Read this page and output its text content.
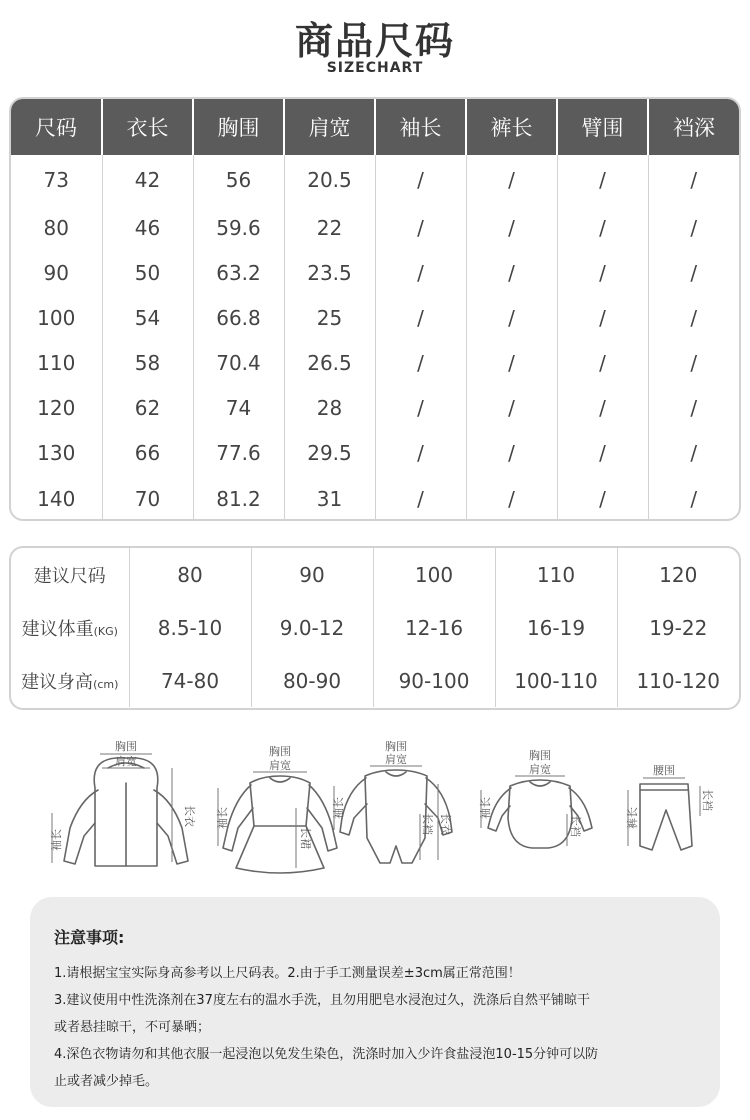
商品尺码
SIZECHART
尺码	衣长	胸围	肩宽	袖长	裤长	臂围	裆深
73	42	56	20.5	/	/	/	/
80	46	59.6	22	/	/	/	/
90	50	63.2	23.5	/	/	/	/
100	54	66.8	25	/	/	/	/
110	58	70.4	26.5	/	/	/	/
120	62	74	28	/	/	/	/
130	66	77.6	29.5	/	/	/	/
140	70	81.2	31	/	/	/	/
建议尺码	80	90	100	110	120
建议体重(KG)	8.5-10	9.0-12	12-16	16-19	19-22
建议身高(cm)	74-80	80-90	90-100	100-110	110-120
胸围
肩宽
袖长
长衣
胸围
肩宽
袖长
长裙
胸围
肩宽
袖长
长裆 长衣
胸围
肩宽
袖长
长裆
腰围
裤长
长裆
注意事项:
1.请根据宝宝实际身高参考以上尺码表。2.由于手工测量误差±3cm属正常范围！
3.建议使用中性洗涤剂在37度左右的温水手洗，且勿用肥皂水浸泡过久，洗涤后自然平铺晾干
或者悬挂晾干，不可暴晒；
4.深色衣物请勿和其他衣服一起浸泡以免发生染色，洗涤时加入少许食盐浸泡10-15分钟可以防
止或者减少掉毛。
